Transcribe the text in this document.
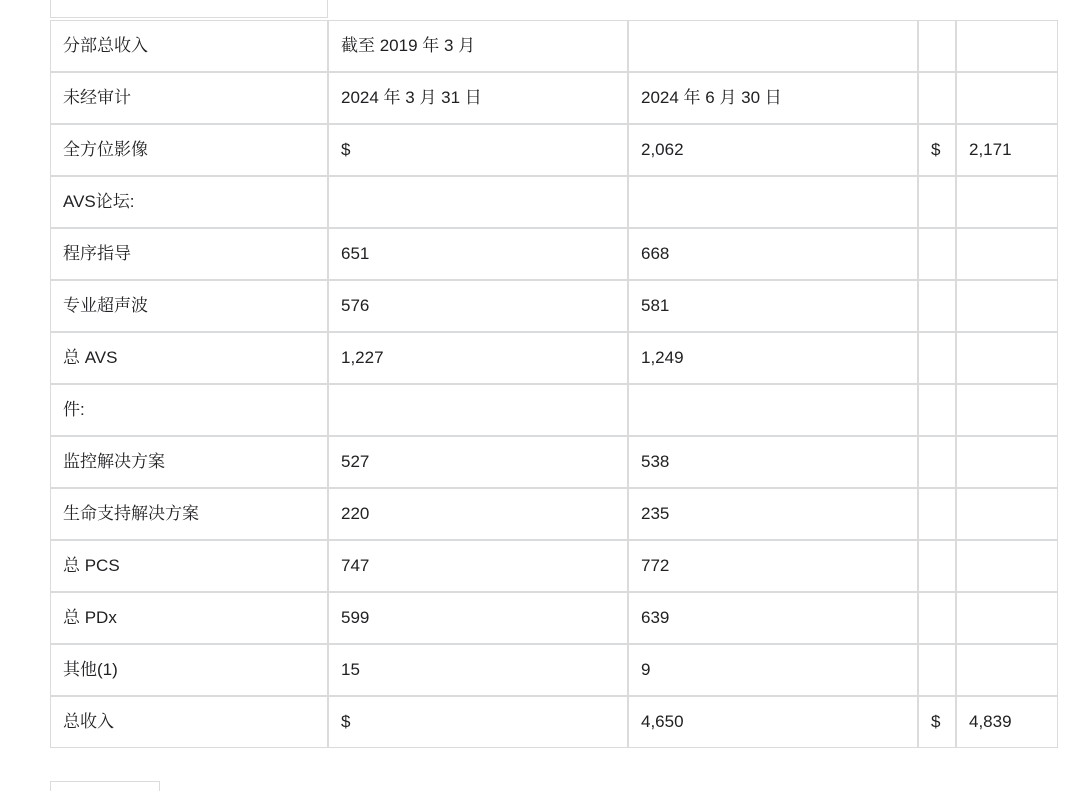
分部总收入	截至 2019 年 3 月			
未经审计	2024 年 3 月 31 日	2024 年 6 月 30 日		
全方位影像	$	2,062	$	2,171
AVS论坛:				
程序指导	651	668		
专业超声波	576	581		
总 AVS	1,227	1,249		
件:				
监控解决方案	527	538		
生命支持解决方案	220	235		
总 PCS	747	772		
总 PDx	599	639		
其他(1)	15	9		
总收入	$	4,650	$	4,839
